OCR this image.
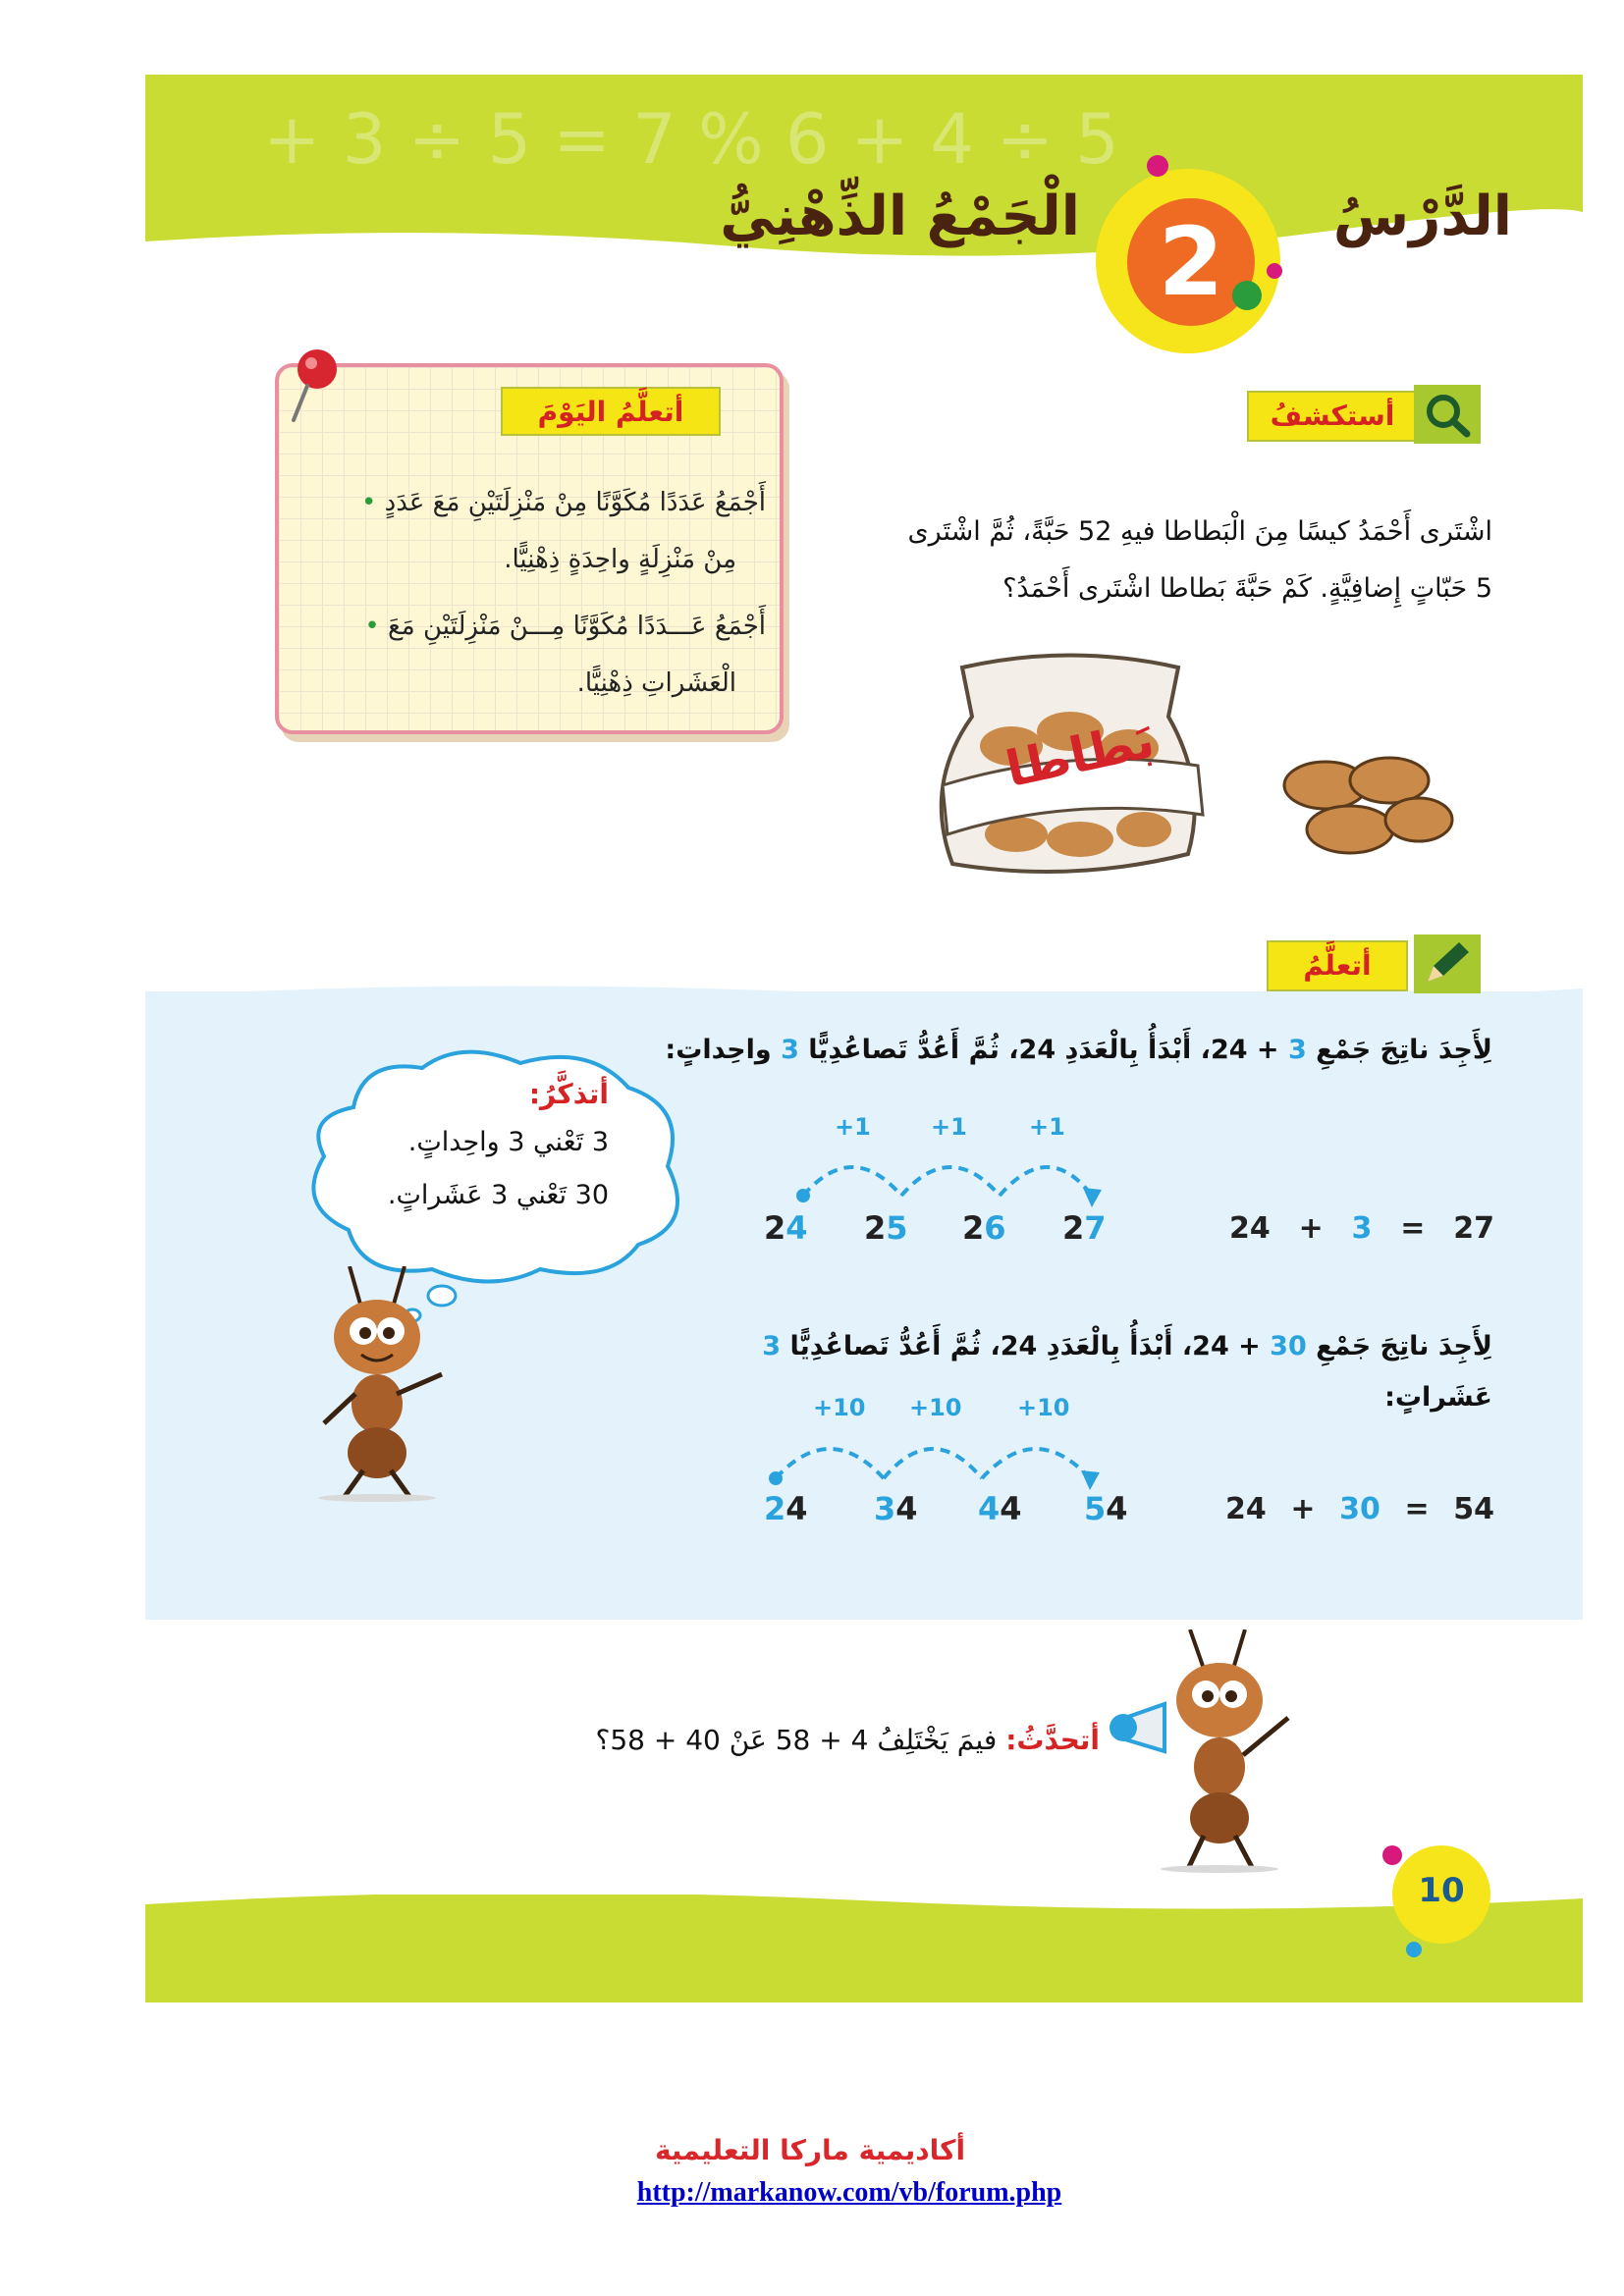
+ 3 ÷ 5 = 7 % 6 + 4 ÷ 5
الدَّرْسُ
الْجَمْعُ الذِّهْنِيُّ 2
أستكشفُ
اشْتَرى أَحْمَدُ كيسًا مِنَ الْبَطاطا فيهِ 52 حَبَّةً، ثُمَّ اشْتَرى
5 حَبّاتٍ إِضافِيَّةٍ. كَمْ حَبَّةَ بَطاطا اشْتَرى أَحْمَدُ؟
بَطاطا
أتعلَّمُ اليَوْمَ
أَجْمَعُ عَدَدًا مُكَوَّنًا مِنْ مَنْزِلَتَيْنِ مَعَ عَدَدٍ •
مِنْ مَنْزِلَةٍ واحِدَةٍ ذِهْنِيًّا.
أَجْمَعُ عَـــدَدًا مُكَوَّنًا مِـــنْ مَنْزِلَتَيْنِ مَعَ •
الْعَشَراتِ ذِهْنِيًّا.
أتعلَّمُ
لِأَجِدَ ناتِجَ جَمْعِ 3 + 24، أَبْدَأُ بِالْعَدَدِ 24، ثُمَّ أَعُدُّ تَصاعُدِيًّا 3 واحِداتٍ:
+1	+1	+1
24 25 26 27	24 + 3 = 27
لِأَجِدَ ناتِجَ جَمْعِ 30 + 24، أَبْدَأُ بِالْعَدَدِ 24، ثُمَّ أَعُدُّ تَصاعُدِيًّا 3 عَشَراتٍ:
+10 +10 +10
24 34 44 54	24 + 30 = 54
أتذكَّرُ:
3 تَعْني 3 واحِداتٍ.
30 تَعْني 3 عَشَراتٍ.
أتحدَّثُ: فيمَ يَخْتَلِفُ 4 + 58 عَنْ 40 + 58؟
10
أكاديمية ماركا التعليمية
http://markanow.com/vb/forum.php
